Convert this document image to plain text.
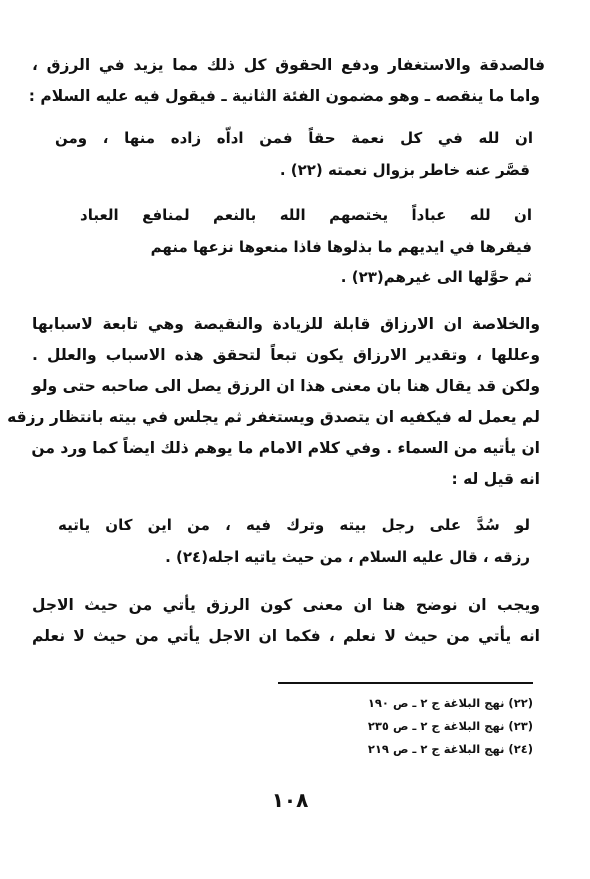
فالصدقة والاستغفار ودفع الحقوق كل ذلك مما يزيد في الرزق ،
واما ما ينقصه ـ وهو مضمون الفئة الثانية ـ فيقول فيه عليه السلام :
ان لله في كل نعمة حقاً فمن اداّه زاده منها ، ومن
قصَّر عنه خاطر بزوال نعمته (٢٢) .
ان لله عباداً يختصهم الله بالنعم لمنافع العباد
فيقرها في ايديهم ما بذلوها فاذا منعوها نزعها منهم
ثم حوَّلها الى غيرهم(٢٣) .
والخلاصة ان الارزاق قابلة للزيادة والنقيصة وهي تابعة لاسبابها
وعللها ، وتقدير الارزاق يكون تبعاً لتحقق هذه الاسباب والعلل .
ولكن قد يقال هنا بان معنى هذا ان الرزق يصل الى صاحبه حتى ولو
لم يعمل له فيكفيه ان يتصدق ويستغفر ثم يجلس في بيته بانتظار رزقه
ان يأتيه من السماء . وفي كلام الامام ما يوهم ذلك ايضاً كما ورد من
انه قيل له :
لو سُدَّ على رجل بيته وترك فيه ، من اين كان ياتيه
رزقه ، قال عليه السلام ، من حيث ياتيه اجله(٢٤) .
ويجب ان نوضح هنا ان معنى كون الرزق يأتي من حيث الاجل
انه يأتي من حيث لا نعلم ، فكما ان الاجل يأتي من حيث لا نعلم
(٢٢) نهج البلاغة ج ٢ ـ ص ١٩٠
(٢٣) نهج البلاغة ج ٢ ـ ص ٢٣٥
(٢٤) نهج البلاغة ج ٢ ـ ص ٢١٩
١٠٨
